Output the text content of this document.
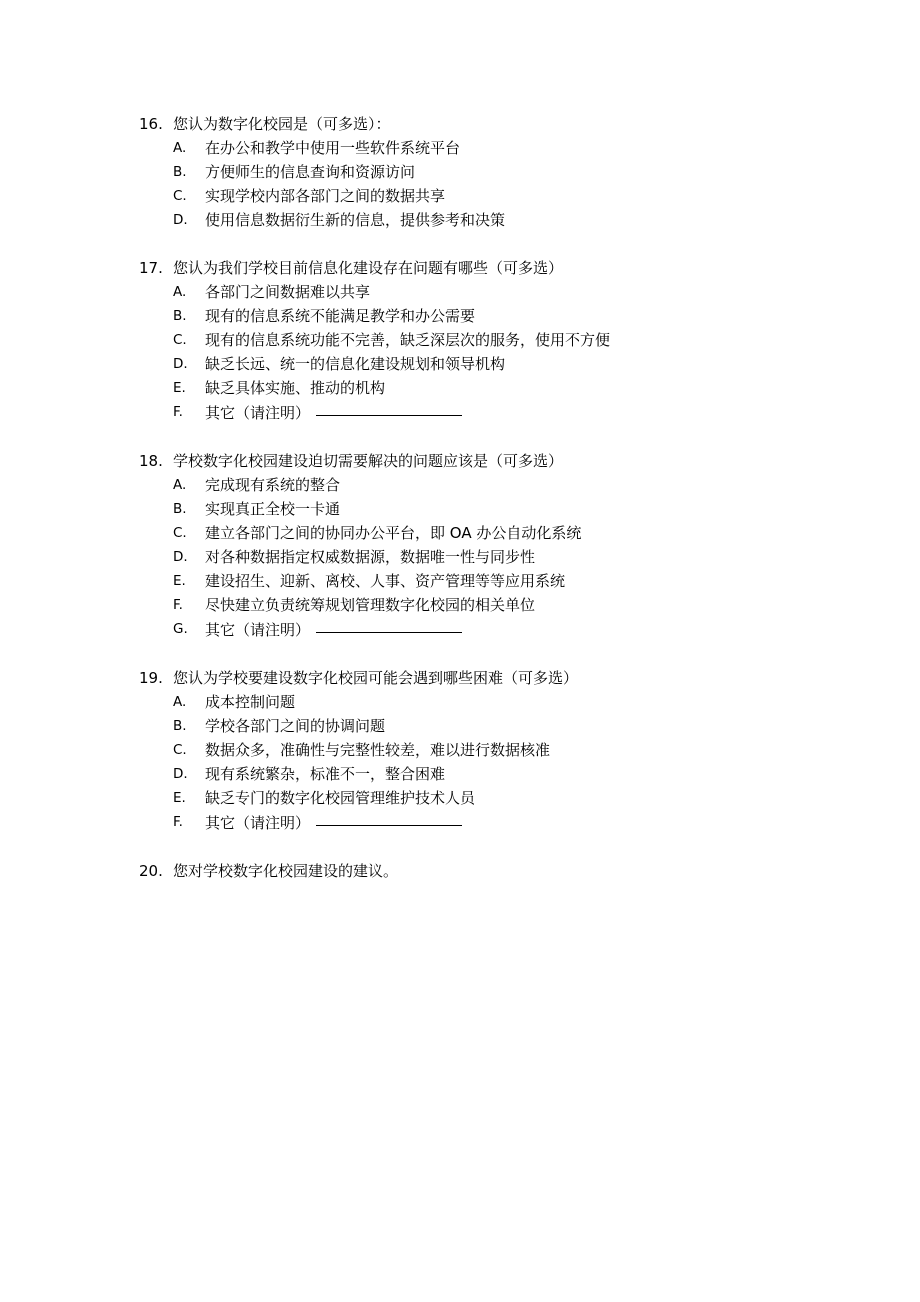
16. 您认为数字化校园是（可多选）：
A.	在办公和教学中使用一些软件系统平台
B.	方便师生的信息查询和资源访问
C.	实现学校内部各部门之间的数据共享
D.	使用信息数据衍生新的信息，提供参考和决策
17. 您认为我们学校目前信息化建设存在问题有哪些（可多选）
A.	各部门之间数据难以共享
B.	现有的信息系统不能满足教学和办公需要
C.	现有的信息系统功能不完善，缺乏深层次的服务，使用不方便
D.	缺乏长远、统一的信息化建设规划和领导机构
E.	缺乏具体实施、推动的机构
F.	其它（请注明）
18. 学校数字化校园建设迫切需要解决的问题应该是（可多选）
A.	完成现有系统的整合
B.	实现真正全校一卡通
C.	建立各部门之间的协同办公平台，即 OA 办公自动化系统
D.	对各种数据指定权威数据源，数据唯一性与同步性
E.	建设招生、迎新、离校、人事、资产管理等等应用系统
F.	尽快建立负责统筹规划管理数字化校园的相关单位
G.	其它（请注明）
19. 您认为学校要建设数字化校园可能会遇到哪些困难（可多选）
A.	成本控制问题
B.	学校各部门之间的协调问题
C.	数据众多，准确性与完整性较差，难以进行数据核准
D.	现有系统繁杂，标准不一，整合困难
E.	缺乏专门的数字化校园管理维护技术人员
F.	其它（请注明）
20. 您对学校数字化校园建设的建议。
